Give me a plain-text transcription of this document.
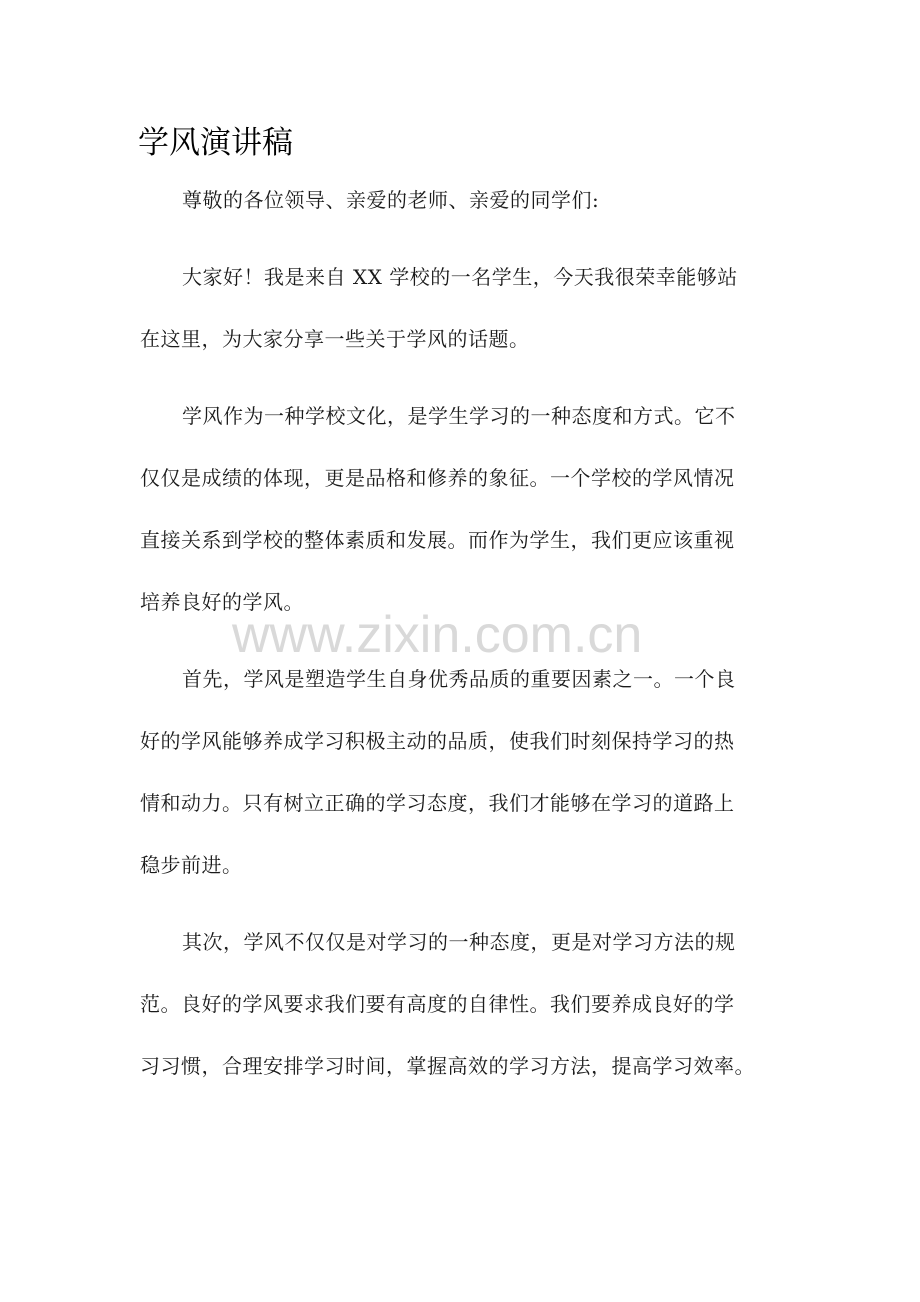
学风演讲稿
尊敬的各位领导、亲爱的老师、亲爱的同学们:
大家好！我是来自 XX 学校的一名学生，今天我很荣幸能够站
在这里，为大家分享一些关于学风的话题。
学风作为一种学校文化，是学生学习的一种态度和方式。它不
仅仅是成绩的体现，更是品格和修养的象征。一个学校的学风情况
直接关系到学校的整体素质和发展。而作为学生，我们更应该重视
培养良好的学风。
www.zixin.com.cn
首先，学风是塑造学生自身优秀品质的重要因素之一。一个良
好的学风能够养成学习积极主动的品质，使我们时刻保持学习的热
情和动力。只有树立正确的学习态度，我们才能够在学习的道路上
稳步前进。
其次，学风不仅仅是对学习的一种态度，更是对学习方法的规
范。良好的学风要求我们要有高度的自律性。我们要养成良好的学
习习惯，合理安排学习时间，掌握高效的学习方法，提高学习效率。
